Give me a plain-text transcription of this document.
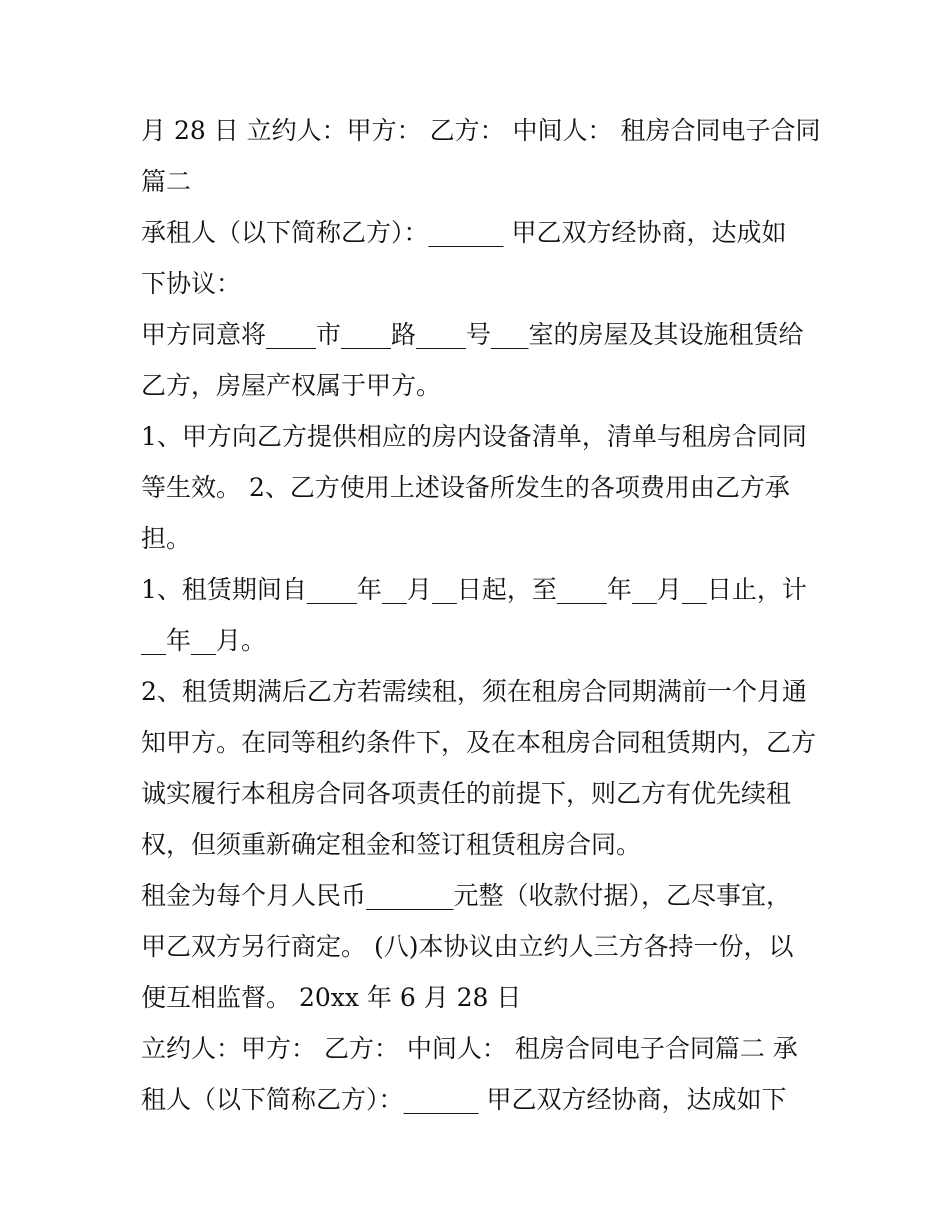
月 28 日 立约人：甲方： 乙方： 中间人： 租房合同电子合同
篇二
承租人（以下简称乙方）：______ 甲乙双方经协商，达成如
下协议：
甲方同意将____市____路____号___室的房屋及其设施租赁给
乙方，房屋产权属于甲方。
1、甲方向乙方提供相应的房内设备清单，清单与租房合同同
等生效。 2、乙方使用上述设备所发生的各项费用由乙方承
担。
1、租赁期间自____年__月__日起，至____年__月__日止，计
__年__月。
2、租赁期满后乙方若需续租，须在租房合同期满前一个月通
知甲方。在同等租约条件下，及在本租房合同租赁期内，乙方
诚实履行本租房合同各项责任的前提下，则乙方有优先续租
权，但须重新确定租金和签订租赁租房合同。
租金为每个月人民币_______元整（收款付据），乙尽事宜，
甲乙双方另行商定。 (八)本协议由立约人三方各持一份，以
便互相监督。 20xx 年 6 月 28 日
立约人：甲方： 乙方： 中间人： 租房合同电子合同篇二 承
租人（以下简称乙方）：______ 甲乙双方经协商，达成如下
